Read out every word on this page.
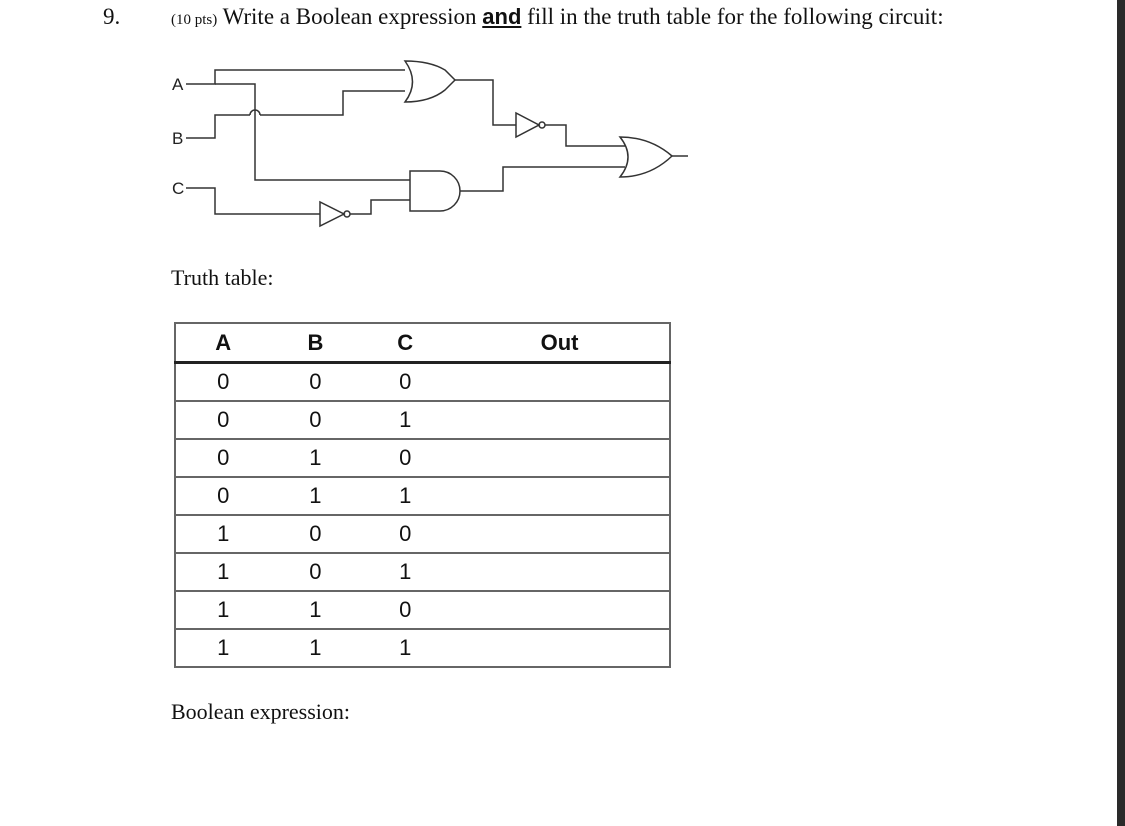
9.	(10 pts) Write a Boolean expression and fill in the truth table for the following circuit:
A
B
C
Truth table:
A	B	C	Out
0	0	0	
0	0	1	
0	1	0	
0	1	1	
1	0	0	
1	0	1	
1	1	0	
1	1	1	
Boolean expression:
